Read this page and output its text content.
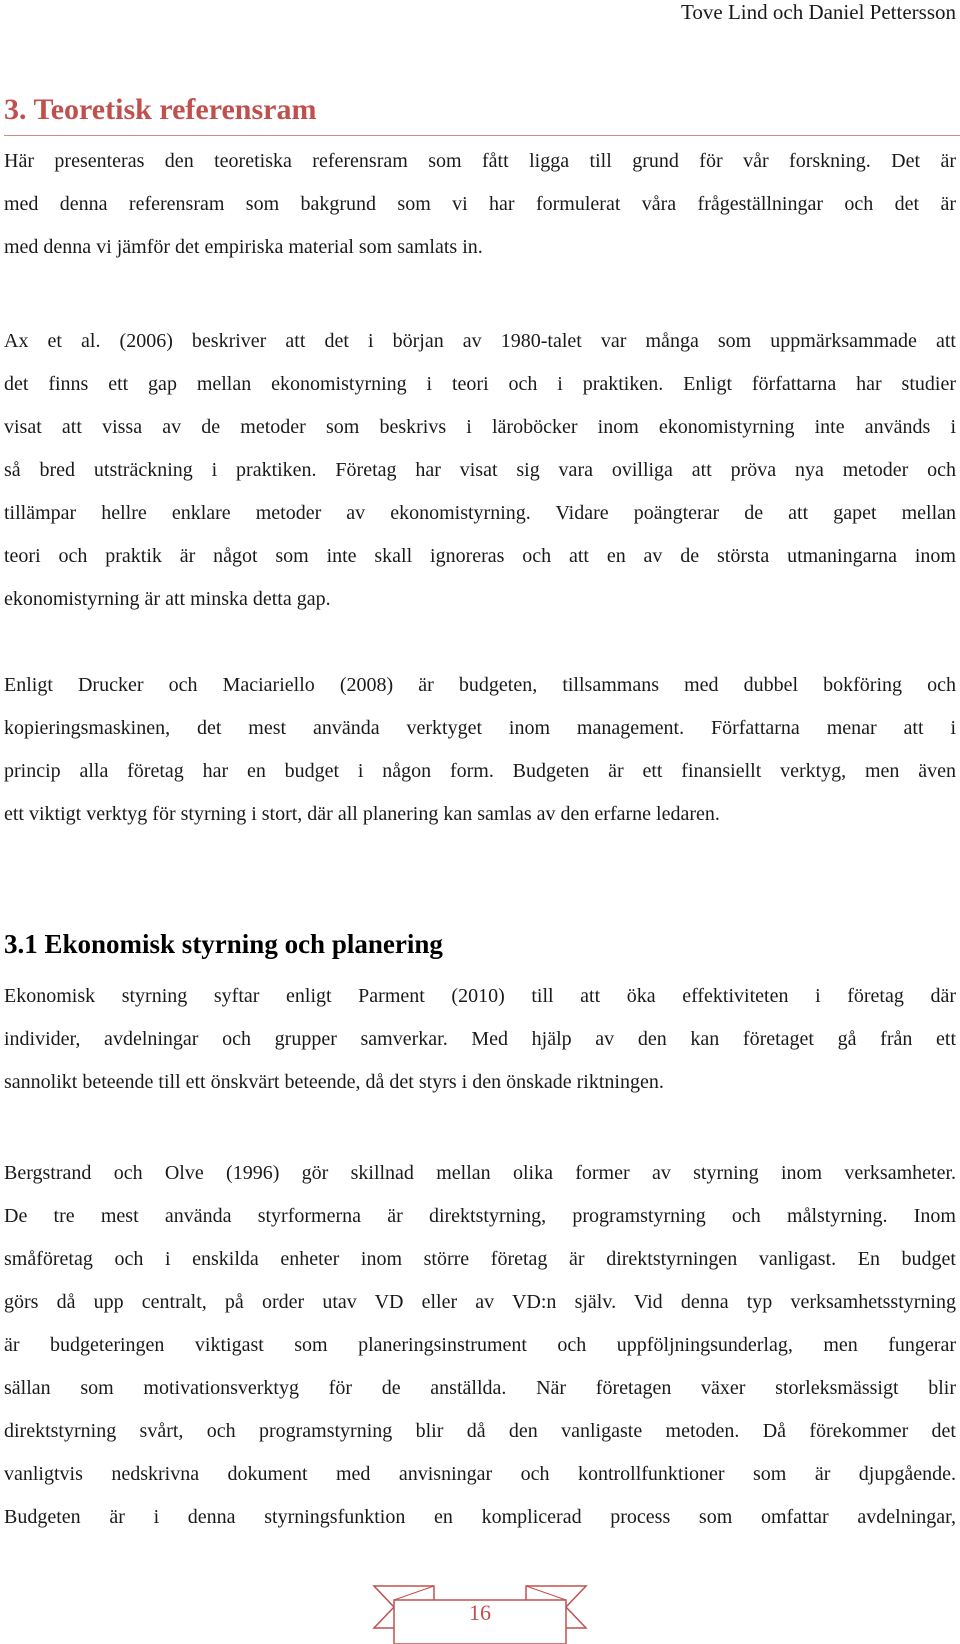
Tove Lind och Daniel Pettersson
3. Teoretisk referensram

Här presenteras den teoretiska referensram som fått ligga till grund för vår forskning. Det är
med denna referensram som bakgrund som vi har formulerat våra frågeställningar och det är
med denna vi jämför det empiriska material som samlats in.

Ax et al. (2006) beskriver att det i början av 1980-talet var många som uppmärksammade att
det finns ett gap mellan ekonomistyrning i teori och i praktiken. Enligt författarna har studier
visat att vissa av de metoder som beskrivs i läroböcker inom ekonomistyrning inte används i
så bred utsträckning i praktiken. Företag har visat sig vara ovilliga att pröva nya metoder och
tillämpar hellre enklare metoder av ekonomistyrning. Vidare poängterar de att gapet mellan
teori och praktik är något som inte skall ignoreras och att en av de största utmaningarna inom
ekonomistyrning är att minska detta gap.

Enligt Drucker och Maciariello (2008) är budgeten, tillsammans med dubbel bokföring och
kopieringsmaskinen, det mest använda verktyget inom management. Författarna menar att i
princip alla företag har en budget i någon form. Budgeten är ett finansiellt verktyg, men även
ett viktigt verktyg för styrning i stort, där all planering kan samlas av den erfarne ledaren.

3.1 Ekonomisk styrning och planering

Ekonomisk styrning syftar enligt Parment (2010) till att öka effektiviteten i företag där
individer, avdelningar och grupper samverkar. Med hjälp av den kan företaget gå från ett
sannolikt beteende till ett önskvärt beteende, då det styrs i den önskade riktningen.

Bergstrand och Olve (1996) gör skillnad mellan olika former av styrning inom verksamheter.
De tre mest använda styrformerna är direktstyrning, programstyrning och målstyrning. Inom
småföretag och i enskilda enheter inom större företag är direktstyrningen vanligast. En budget
görs då upp centralt, på order utav VD eller av VD:n själv. Vid denna typ verksamhetsstyrning
är budgeteringen viktigast som planeringsinstrument och uppföljningsunderlag, men fungerar
sällan som motivationsverktyg för de anställda. När företagen växer storleksmässigt blir
direktstyrning svårt, och programstyrning blir då den vanligaste metoden. Då förekommer det
vanligtvis nedskrivna dokument med anvisningar och kontrollfunktioner som är djupgående.
Budgeten är i denna styrningsfunktion en komplicerad process som omfattar avdelningar,

16
